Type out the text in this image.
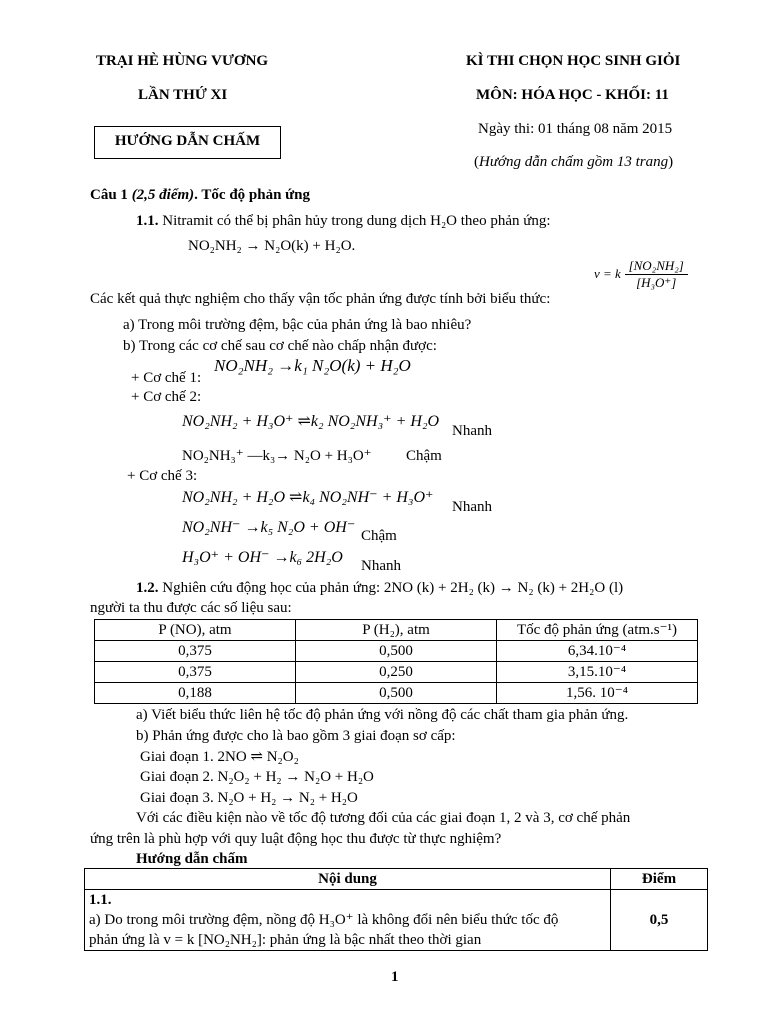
TRẠI HÈ HÙNG VƯƠNG
LẦN THỨ XI
HƯỚNG DẪN CHẤM
KÌ THI CHỌN HỌC SINH GIỎI
MÔN: HÓA HỌC - KHỐI: 11
Ngày thi: 01 tháng 08 năm 2015
(Hướng dẫn chấm gồm 13 trang)
Câu 1 (2,5 điểm). Tốc độ phản ứng
1.1. Nitramit có thể bị phân hủy trong dung dịch H₂O theo phản ứng:
NO₂NH₂ → N₂O(k) + H₂O.
v = k $\frac{\text{[NO₂NH₂]}}{\text{[H₃O⁺]}}$
Các kết quả thực nghiệm cho thấy vận tốc phản ứng được tính bởi biểu thức:
a) Trong môi trường đệm, bậc của phản ứng là bao nhiêu?
b) Trong các cơ chế sau cơ chế nào chấp nhận được:
+ Cơ chế 1:
NO₂NH₂ →k₁ N₂O(k) + H₂O
+ Cơ chế 2:
NO₂NH₂ + H₃O⁺ ⇌k₂ NO₂NH₃⁺ + H₂O
Nhanh
NO₂NH₃⁺ —k₃→ N₂O + H₃O⁺ Chậm
+ Cơ chế 3:
NO₂NH₂ + H₂O ⇌k₄ NO₂NH⁻ + H₃O⁺
Nhanh
NO₂NH⁻ →k₅ N₂O + OH⁻ Chậm
H₃O⁺ + OH⁻ →k₆ 2H₂O Nhanh
1.2. Nghiên cứu động học của phản ứng: 2NO (k) + 2H₂ (k) → N₂ (k) + 2H₂O (l)
người ta thu được các số liệu sau:
P (NO), atm	P (H₂), atm	Tốc độ phản ứng (atm.s⁻¹)
0,375	0,500	6,34.10⁻⁴
0,375	0,250	3,15.10⁻⁴
0,188	0,500	1,56. 10⁻⁴
a) Viết biểu thức liên hệ tốc độ phản ứng với nồng độ các chất tham gia phản ứng.
b) Phản ứng được cho là bao gồm 3 giai đoạn sơ cấp:
Giai đoạn 1. 2NO ⇌ N₂O₂
Giai đoạn 2. N₂O₂ + H₂ → N₂O + H₂O
Giai đoạn 3. N₂O + H₂ → N₂ + H₂O
Với các điều kiện nào về tốc độ tương đối của các giai đoạn 1, 2 và 3, cơ chế phản
ứng trên là phù hợp với quy luật động học thu được từ thực nghiệm?
Hướng dẫn chấm
Nội dung	Điểm
1.1.
a) Do trong môi trường đệm, nồng độ H₃O⁺ là không đổi nên biểu thức tốc độ
phản ứng là v = k [NO₂NH₂]: phản ứng là bậc nhất theo thời gian	0,5
1
